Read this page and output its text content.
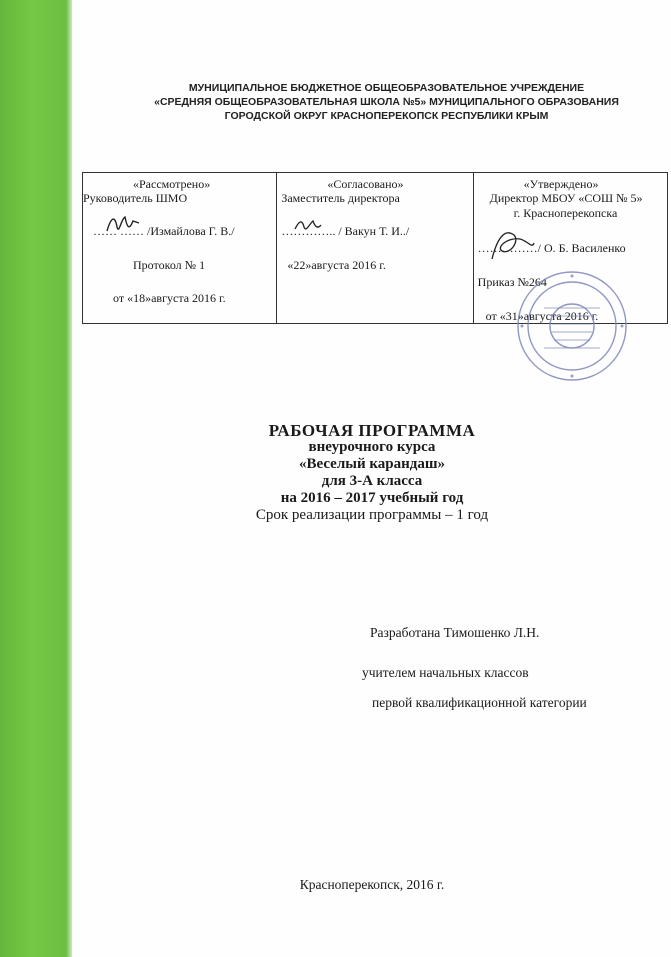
МУНИЦИПАЛЬНОЕ БЮДЖЕТНОЕ ОБЩЕОБРАЗОВАТЕЛЬНОЕ УЧРЕЖДЕНИЕ
«СРЕДНЯЯ ОБЩЕОБРАЗОВАТЕЛЬНАЯ ШКОЛА №5» МУНИЦИПАЛЬНОГО ОБРАЗОВАНИЯ
ГОРОДСКОЙ ОКРУГ КРАСНОПЕРЕКОПСК РЕСПУБЛИКИ КРЫМ
«Рассмотрено»
Руководитель ШМО
…… …… /Измайлова Г. В./
Протокол № 1
от «18»августа 2016 г.
«Согласовано»
Заместитель директора
………….. / Вакун Т. И../
«22»августа 2016 г.
«Утверждено»
Директор МБОУ «СОШ № 5»
г. Красноперекопска
……………/ О. Б. Василенко
Приказ №264
от «31»августа 2016 г.
РАБОЧАЯ ПРОГРАММА
внеурочного курса
«Веселый карандаш»
для 3-А класса
на 2016 – 2017 учебный год
Срок реализации программы – 1 год
Разработана Тимошенко Л.Н.
учителем начальных классов
первой квалификационной категории
Красноперекопск, 2016 г.
